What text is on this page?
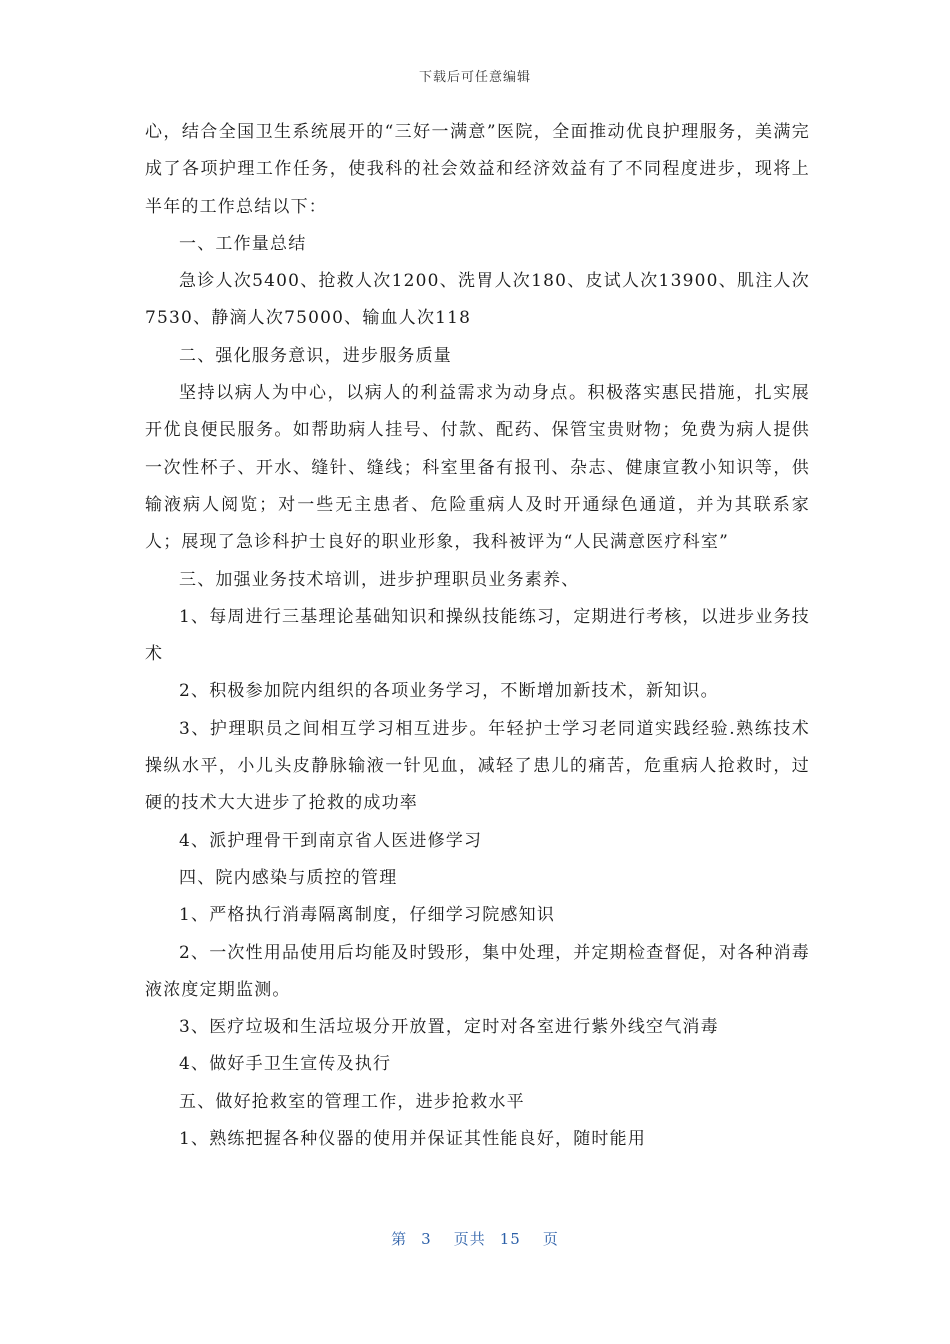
下载后可任意编辑

心，结合全国卫生系统展开的“三好一满意”医院，全面推动优良护理服务，美满完成了各项护理工作任务，使我科的社会效益和经济效益有了不同程度进步，现将上半年的工作总结以下：

一、工作量总结

急诊人次5400、抢救人次1200、洗胃人次180、皮试人次13900、肌注人次7530、静滴人次75000、输血人次118

二、强化服务意识，进步服务质量

坚持以病人为中心，以病人的利益需求为动身点。积极落实惠民措施，扎实展开优良便民服务。如帮助病人挂号、付款、配药、保管宝贵财物；免费为病人提供一次性杯子、开水、缝针、缝线；科室里备有报刊、杂志、健康宣教小知识等，供输液病人阅览；对一些无主患者、危险重病人及时开通绿色通道，并为其联系家人；展现了急诊科护士良好的职业形象，我科被评为“人民满意医疗科室”

三、加强业务技术培训，进步护理职员业务素养、

1、每周进行三基理论基础知识和操纵技能练习，定期进行考核，以进步业务技术

2、积极参加院内组织的各项业务学习，不断增加新技术，新知识。

3、护理职员之间相互学习相互进步。年轻护士学习老同道实践经验.熟练技术操纵水平，小儿头皮静脉输液一针见血，减轻了患儿的痛苦，危重病人抢救时，过硬的技术大大进步了抢救的成功率

4、派护理骨干到南京省人医进修学习

四、院内感染与质控的管理

1、严格执行消毒隔离制度，仔细学习院感知识

2、一次性用品使用后均能及时毁形，集中处理，并定期检查督促，对各种消毒液浓度定期监测。

3、医疗垃圾和生活垃圾分开放置，定时对各室进行紫外线空气消毒

4、做好手卫生宣传及执行

五、做好抢救室的管理工作，进步抢救水平

1、熟练把握各种仪器的使用并保证其性能良好，随时能用

第 3 页共 15 页
